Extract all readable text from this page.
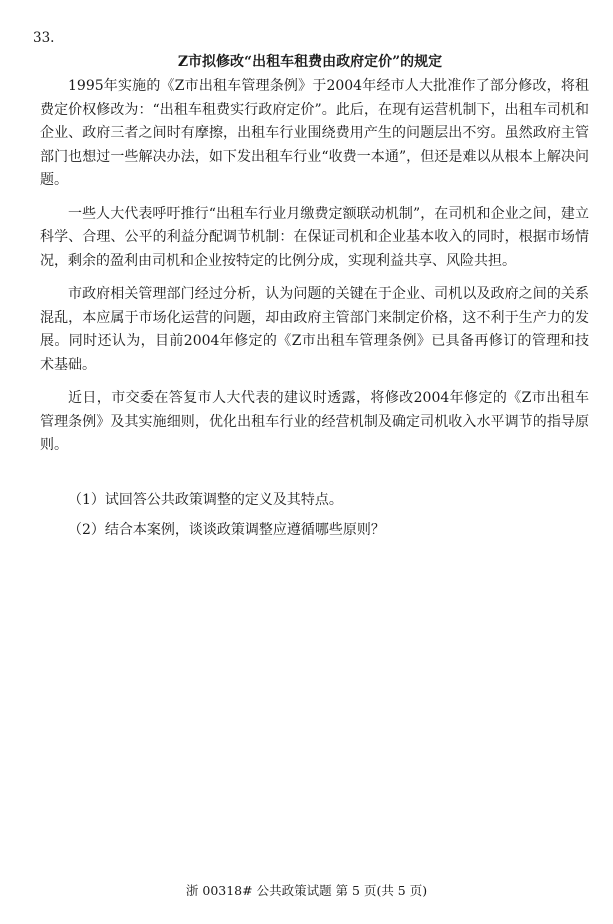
33.
Z市拟修改“出租车租费由政府定价”的规定

1995年实施的《Z市出租车管理条例》于2004年经市人大批准作了部分修改，将租费定价权修改为：“出租车租费实行政府定价”。此后，在现有运营机制下，出租车司机和企业、政府三者之间时有摩擦，出租车行业围绕费用产生的问题层出不穷。虽然政府主管部门也想过一些解决办法，如下发出租车行业“收费一本通”，但还是难以从根本上解决问题。

一些人大代表呼吁推行“出租车行业月缴费定额联动机制”，在司机和企业之间，建立科学、合理、公平的利益分配调节机制：在保证司机和企业基本收入的同时，根据市场情况，剩余的盈利由司机和企业按特定的比例分成，实现利益共享、风险共担。

市政府相关管理部门经过分析，认为问题的关键在于企业、司机以及政府之间的关系混乱，本应属于市场化运营的问题，却由政府主管部门来制定价格，这不利于生产力的发展。同时还认为，目前2004年修定的《Z市出租车管理条例》已具备再修订的管理和技术基础。

近日，市交委在答复市人大代表的建议时透露，将修改2004年修定的《Z市出租车管理条例》及其实施细则，优化出租车行业的经营机制及确定司机收入水平调节的指导原则。

（1）试回答公共政策调整的定义及其特点。

（2）结合本案例，谈谈政策调整应遵循哪些原则？

浙 00318# 公共政策试题 第 5 页(共 5 页)
